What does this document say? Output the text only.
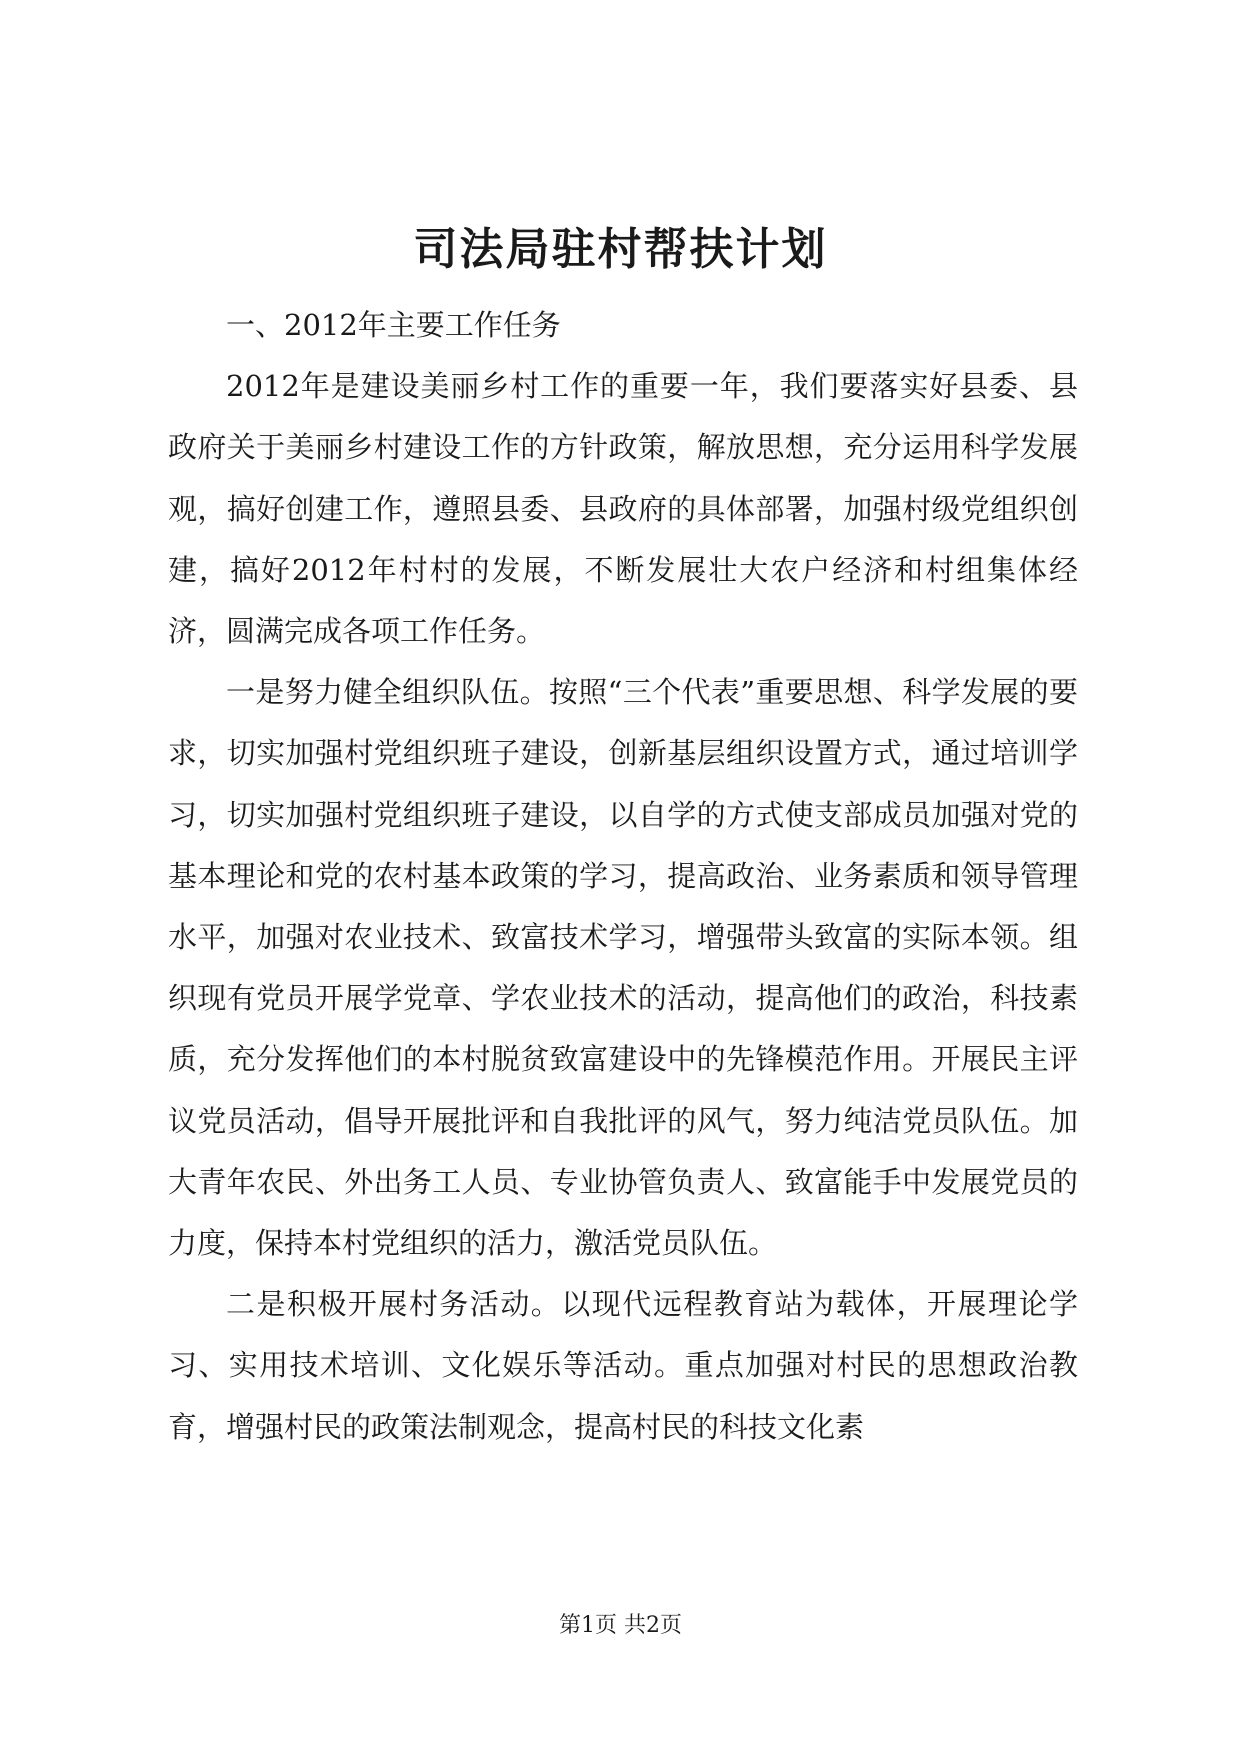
司法局驻村帮扶计划

一、2012年主要工作任务

2012年是建设美丽乡村工作的重要一年，我们要落实好县委、县政府关于美丽乡村建设工作的方针政策，解放思想，充分运用科学发展观，搞好创建工作，遵照县委、县政府的具体部署，加强村级党组织创建，搞好2012年村村的发展，不断发展壮大农户经济和村组集体经济，圆满完成各项工作任务。

一是努力健全组织队伍。按照“三个代表”重要思想、科学发展的要求，切实加强村党组织班子建设，创新基层组织设置方式，通过培训学习，切实加强村党组织班子建设，以自学的方式使支部成员加强对党的基本理论和党的农村基本政策的学习，提高政治、业务素质和领导管理水平，加强对农业技术、致富技术学习，增强带头致富的实际本领。组织现有党员开展学党章、学农业技术的活动，提高他们的政治，科技素质，充分发挥他们的本村脱贫致富建设中的先锋模范作用。开展民主评议党员活动，倡导开展批评和自我批评的风气，努力纯洁党员队伍。加大青年农民、外出务工人员、专业协管负责人、致富能手中发展党员的力度，保持本村党组织的活力，激活党员队伍。

二是积极开展村务活动。以现代远程教育站为载体，开展理论学习、实用技术培训、文化娱乐等活动。重点加强对村民的思想政治教育，增强村民的政策法制观念，提高村民的科技文化素

第1页 共2页
